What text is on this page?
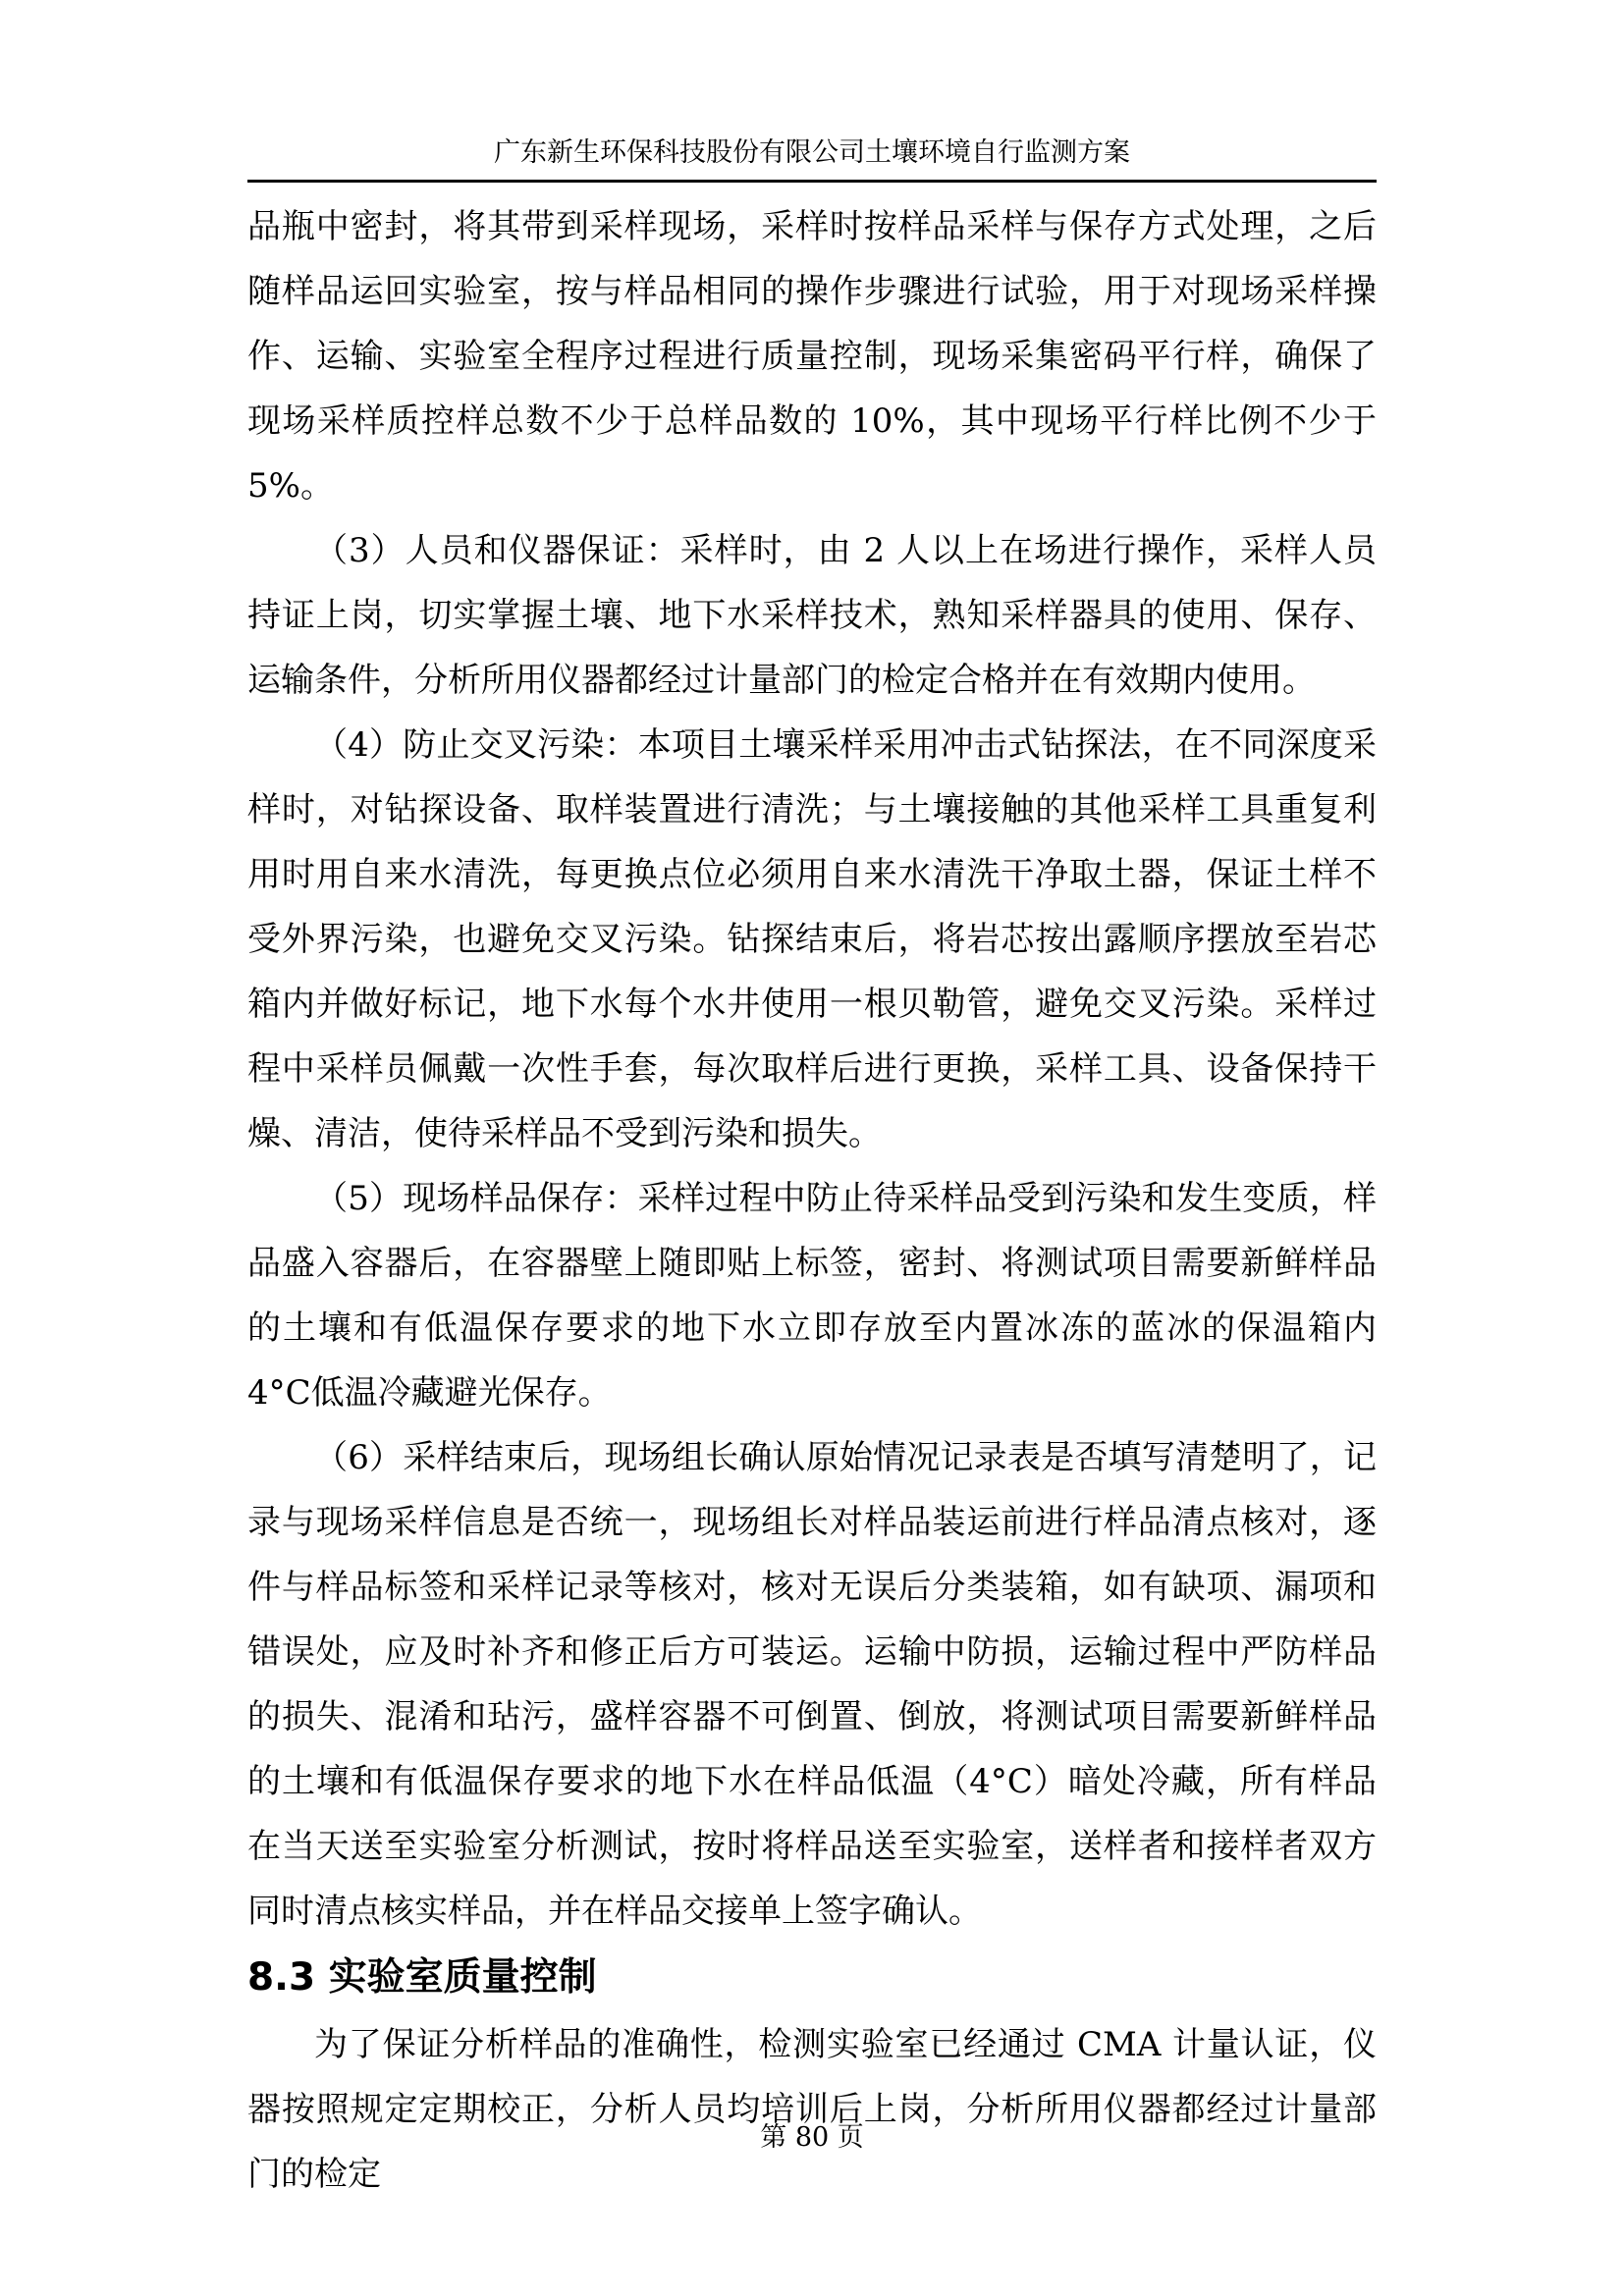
广东新生环保科技股份有限公司土壤环境自行监测方案

品瓶中密封，将其带到采样现场，采样时按样品采样与保存方式处理，之后随样品运回实验室，按与样品相同的操作步骤进行试验，用于对现场采样操作、运输、实验室全程序过程进行质量控制，现场采集密码平行样，确保了现场采样质控样总数不少于总样品数的 10%，其中现场平行样比例不少于 5%。

（3）人员和仪器保证：采样时，由 2 人以上在场进行操作，采样人员持证上岗，切实掌握土壤、地下水采样技术，熟知采样器具的使用、保存、运输条件，分析所用仪器都经过计量部门的检定合格并在有效期内使用。

（4）防止交叉污染：本项目土壤采样采用冲击式钻探法，在不同深度采样时，对钻探设备、取样装置进行清洗；与土壤接触的其他采样工具重复利用时用自来水清洗，每更换点位必须用自来水清洗干净取土器，保证土样不受外界污染，也避免交叉污染。钻探结束后，将岩芯按出露顺序摆放至岩芯箱内并做好标记，地下水每个水井使用一根贝勒管，避免交叉污染。采样过程中采样员佩戴一次性手套，每次取样后进行更换，采样工具、设备保持干燥、清洁，使待采样品不受到污染和损失。

（5）现场样品保存：采样过程中防止待采样品受到污染和发生变质，样品盛入容器后，在容器壁上随即贴上标签，密封、将测试项目需要新鲜样品的土壤和有低温保存要求的地下水立即存放至内置冰冻的蓝冰的保温箱内 4°C低温冷藏避光保存。

（6）采样结束后，现场组长确认原始情况记录表是否填写清楚明了，记录与现场采样信息是否统一，现场组长对样品装运前进行样品清点核对，逐件与样品标签和采样记录等核对，核对无误后分类装箱，如有缺项、漏项和错误处，应及时补齐和修正后方可装运。运输中防损，运输过程中严防样品的损失、混淆和玷污，盛样容器不可倒置、倒放，将测试项目需要新鲜样品的土壤和有低温保存要求的地下水在样品低温（4°C）暗处冷藏，所有样品在当天送至实验室分析测试，按时将样品送至实验室，送样者和接样者双方同时清点核实样品，并在样品交接单上签字确认。

8.3 实验室质量控制

为了保证分析样品的准确性，检测实验室已经通过 CMA 计量认证，仪器按照规定定期校正，分析人员均培训后上岗，分析所用仪器都经过计量部门的检定

第 80 页
